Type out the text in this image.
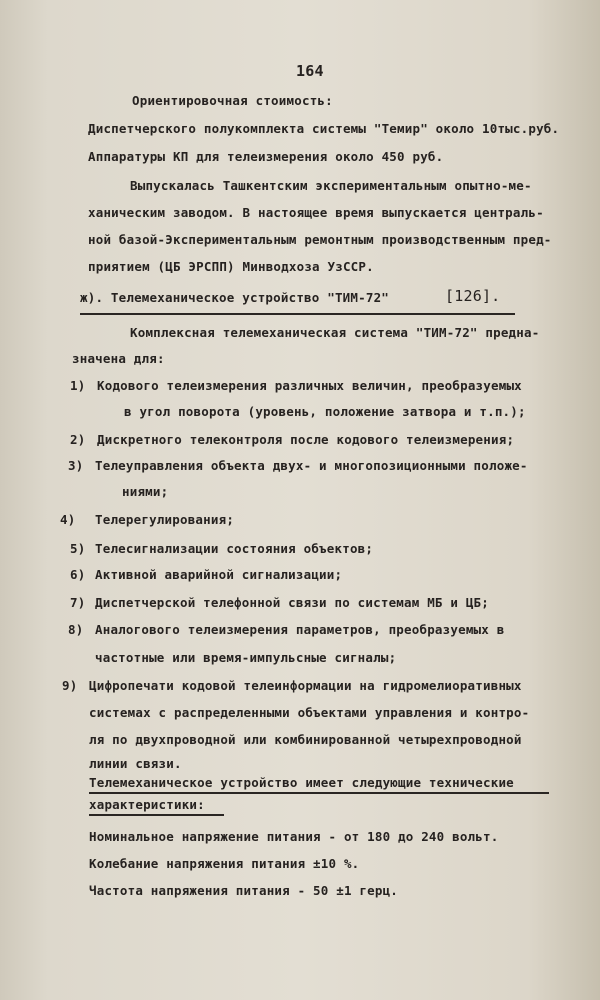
164
Ориентировочная стоимость:
Диспетчерского полукомплекта системы "Темир" около 10тыс.руб.
Аппаратуры КП для телеизмерения около 450 руб.
Выпускалась Ташкентским экспериментальным опытно-ме-
ханическим заводом. В настоящее время выпускается централь-
ной базой-Экспериментальным ремонтным производственным пред-
приятием (ЦБ ЭРСПП) Минводхоза УзССР.
ж). Телемеханическое устройство "ТИМ-72"	[126].
Комплексная телемеханическая система "ТИМ-72" предна-
значена для:
1) Кодового телеизмерения различных величин, преобразуемых
в угол поворота (уровень, положение затвора и т.п.);
2) Дискретного телеконтроля после кодового телеизмерения;
3) Телеуправления объекта двух- и многопозиционными положе-
ниями;
4) Телерегулирования;
5) Телесигнализации состояния объектов;
6) Активной аварийной сигнализации;
7) Диспетчерской телефонной связи по системам МБ и ЦБ;
8) Аналогового телеизмерения параметров, преобразуемых в
частотные или время-импульсные сигналы;
9) Цифропечати кодовой телеинформации на гидромелиоративных
системах с распределенными объектами управления и контро-
ля по двухпроводной или комбинированной четырехпроводной
линии связи.
Телемеханическое устройство имеет следующие технические
характеристики:
Номинальное напряжение питания - от 180 до 240 вольт.
Колебание напряжения питания ±10 %.
Частота напряжения питания - 50 ±1 герц.
